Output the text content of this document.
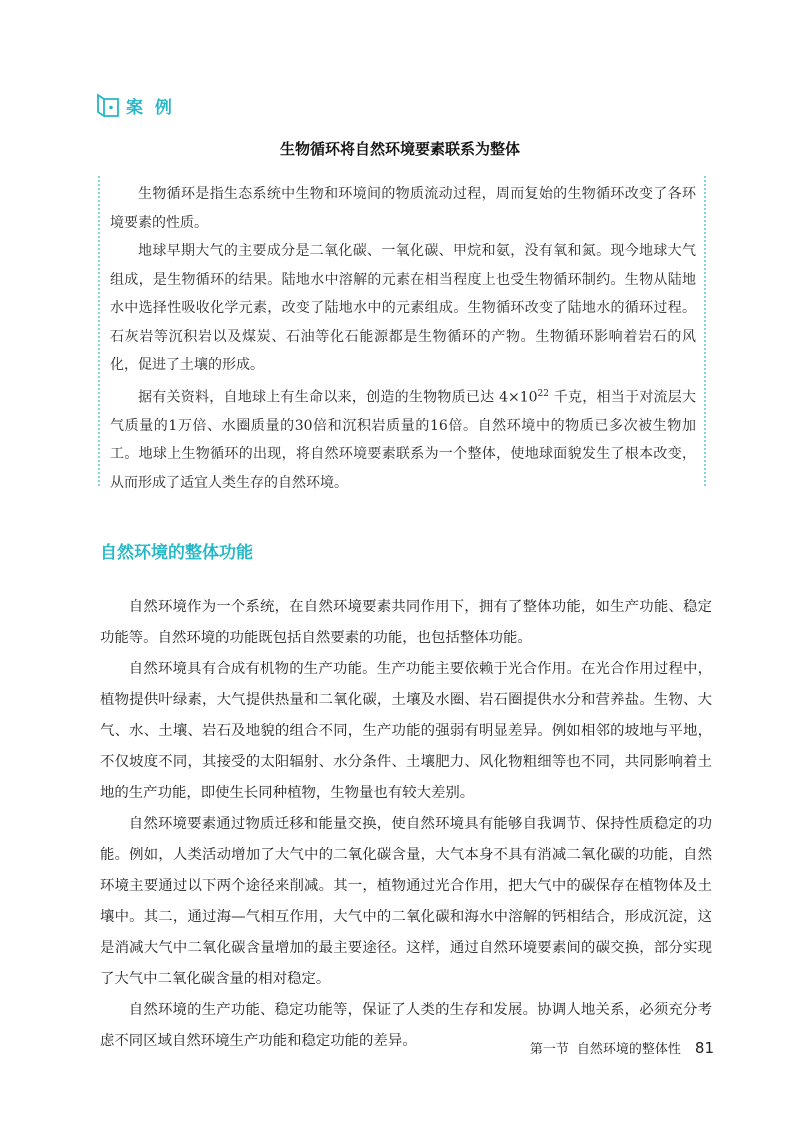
案 例
生物循环将自然环境要素联系为整体

生物循环是指生态系统中生物和环境间的物质流动过程，周而复始的生物循环改变了各环境要素的性质。

地球早期大气的主要成分是二氧化碳、一氧化碳、甲烷和氨，没有氧和氮。现今地球大气组成，是生物循环的结果。陆地水中溶解的元素在相当程度上也受生物循环制约。生物从陆地水中选择性吸收化学元素，改变了陆地水中的元素组成。生物循环改变了陆地水的循环过程。石灰岩等沉积岩以及煤炭、石油等化石能源都是生物循环的产物。生物循环影响着岩石的风化，促进了土壤的形成。

据有关资料，自地球上有生命以来，创造的生物物质已达 $4\times 10^{22}$ 千克，相当于对流层大气质量的1万倍、水圈质量的30倍和沉积岩质量的16倍。自然环境中的物质已多次被生物加工。地球上生物循环的出现，将自然环境要素联系为一个整体，使地球面貌发生了根本改变，从而形成了适宜人类生存的自然环境。

自然环境的整体功能

自然环境作为一个系统，在自然环境要素共同作用下，拥有了整体功能，如生产功能、稳定功能等。自然环境的功能既包括自然要素的功能，也包括整体功能。

自然环境具有合成有机物的生产功能。生产功能主要依赖于光合作用。在光合作用过程中，植物提供叶绿素，大气提供热量和二氧化碳，土壤及水圈、岩石圈提供水分和营养盐。生物、大气、水、土壤、岩石及地貌的组合不同，生产功能的强弱有明显差异。例如相邻的坡地与平地，不仅坡度不同，其接受的太阳辐射、水分条件、土壤肥力、风化物粗细等也不同，共同影响着土地的生产功能，即使生长同种植物，生物量也有较大差别。

自然环境要素通过物质迁移和能量交换，使自然环境具有能够自我调节、保持性质稳定的功能。例如，人类活动增加了大气中的二氧化碳含量，大气本身不具有消减二氧化碳的功能，自然环境主要通过以下两个途径来削减。其一，植物通过光合作用，把大气中的碳保存在植物体及土壤中。其二，通过海—气相互作用，大气中的二氧化碳和海水中溶解的钙相结合，形成沉淀，这是消减大气中二氧化碳含量增加的最主要途径。这样，通过自然环境要素间的碳交换，部分实现了大气中二氧化碳含量的相对稳定。

自然环境的生产功能、稳定功能等，保证了人类的生存和发展。协调人地关系，必须充分考虑不同区域自然环境生产功能和稳定功能的差异。

第一节 自然环境的整体性 81
